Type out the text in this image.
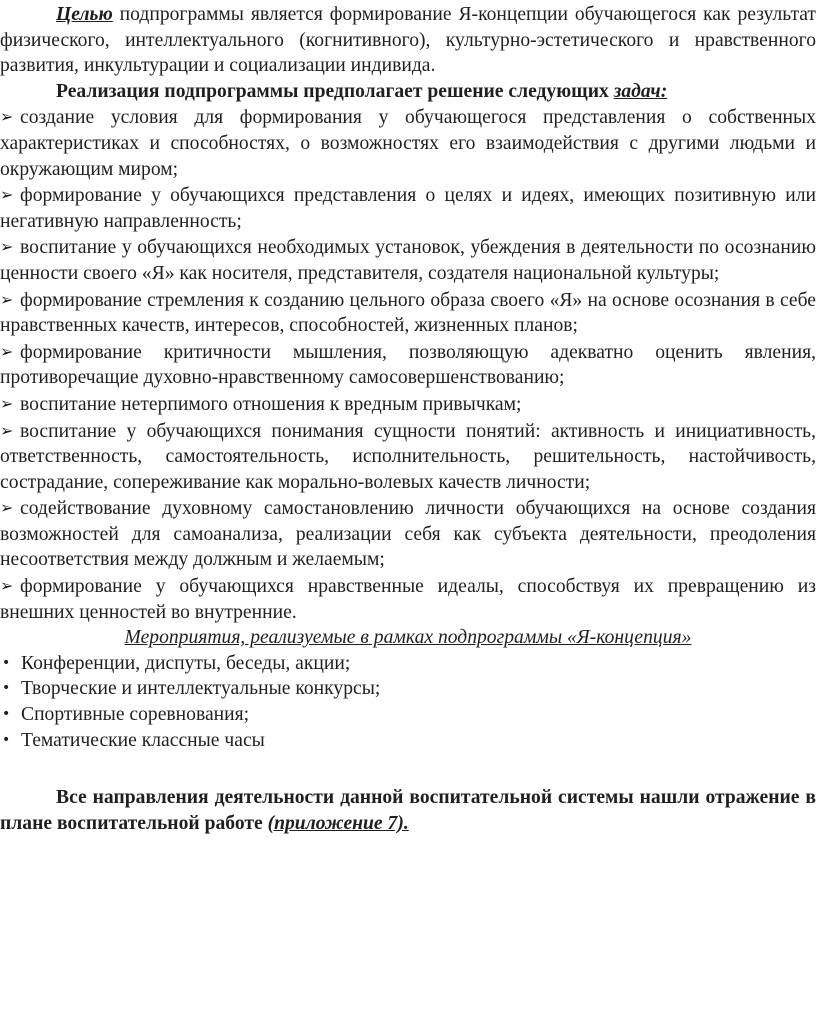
Целью подпрограммы является формирование Я-концепции обучающегося как результат физического, интеллектуального (когнитивного), культурно-эстетического и нравственного развития, инкультурации и социализации индивида.

Реализация подпрограммы предполагает решение следующих задач:

➢ создание условия для формирования у обучающегося представления о собственных характеристиках и способностях, о возможностях его взаимодействия с другими людьми и окружающим миром;

➢ формирование у обучающихся представления о целях и идеях, имеющих позитивную или негативную направленность;

➢ воспитание у обучающихся необходимых установок, убеждения в деятельности по осознанию ценности своего «Я» как носителя, представителя, создателя национальной культуры;

➢ формирование стремления к созданию цельного образа своего «Я» на основе осознания в себе нравственных качеств, интересов, способностей, жизненных планов;

➢ формирование критичности мышления, позволяющую адекватно оценить явления, противоречащие духовно-нравственному самосовершенствованию;

➢ воспитание нетерпимого отношения к вредным привычкам;

➢ воспитание у обучающихся понимания сущности понятий: активность и инициативность, ответственность, самостоятельность, исполнительность, решительность, настойчивость, сострадание, сопереживание как морально-волевых качеств личности;

➢ содействование духовному самостановлению личности обучающихся на основе создания возможностей для самоанализа, реализации себя как субъекта деятельности, преодоления несоответствия между должным и желаемым;

➢ формирование у обучающихся нравственные идеалы, способствуя их превращению из внешних ценностей во внутренние.

Мероприятия, реализуемые в рамках подпрограммы «Я-концепция»

• Конференции, диспуты, беседы, акции;

• Творческие и интеллектуальные конкурсы;

• Спортивные соревнования;

• Тематические классные часы

Все направления деятельности данной воспитательной системы нашли отражение в плане воспитательной работе (приложение 7).
